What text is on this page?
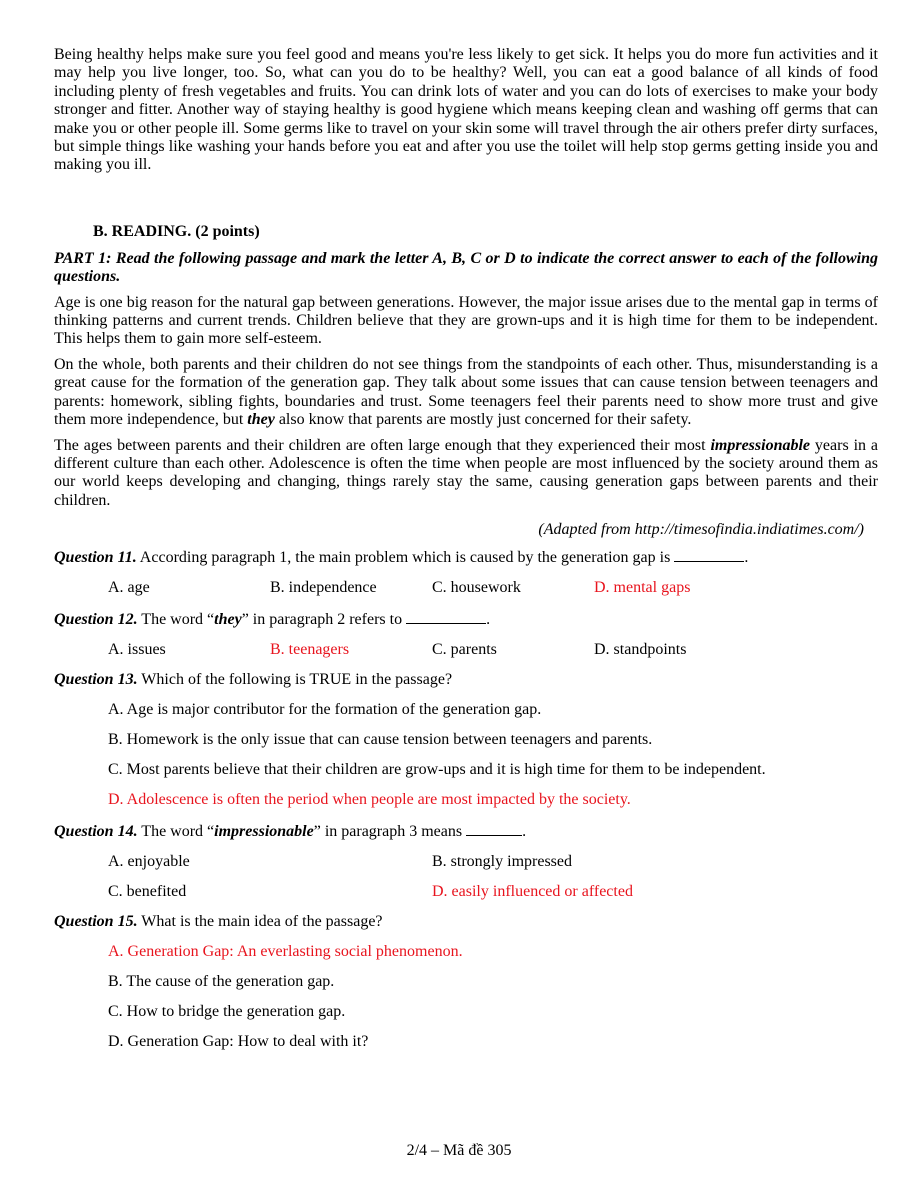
Being healthy helps make sure you feel good and means you're less likely to get sick. It helps you do more fun activities and it may help you live longer, too. So, what can you do to be healthy? Well, you can eat a good balance of all kinds of food including plenty of fresh vegetables and fruits. You can drink lots of water and you can do lots of exercises to make your body stronger and fitter. Another way of staying healthy is good hygiene which means keeping clean and washing off germs that can make you or other people ill. Some germs like to travel on your skin some will travel through the air others prefer dirty surfaces, but simple things like washing your hands before you eat and after you use the toilet will help stop germs getting inside you and making you ill.

B. READING. (2 points)

PART 1: Read the following passage and mark the letter A, B, C or D to indicate the correct answer to each of the following questions.

Age is one big reason for the natural gap between generations. However, the major issue arises due to the mental gap in terms of thinking patterns and current trends. Children believe that they are grown-ups and it is high time for them to be independent. This helps them to gain more self-esteem.

On the whole, both parents and their children do not see things from the standpoints of each other. Thus, misunderstanding is a great cause for the formation of the generation gap. They talk about some issues that can cause tension between teenagers and parents: homework, sibling fights, boundaries and trust. Some teenagers feel their parents need to show more trust and give them more independence, but they also know that parents are mostly just concerned for their safety.

The ages between parents and their children are often large enough that they experienced their most impressionable years in a different culture than each other. Adolescence is often the time when people are most influenced by the society around them as our world keeps developing and changing, things rarely stay the same, causing generation gaps between parents and their children.

(Adapted from http://timesofindia.indiatimes.com/)

Question 11. According paragraph 1, the main problem which is caused by the generation gap is	.

A. age	B. independence	C. housework	D. mental gaps

Question 12. The word “they” in paragraph 2 refers to	.

A. issues	B. teenagers	C. parents	D. standpoints

Question 13. Which of the following is TRUE in the passage?

A. Age is major contributor for the formation of the generation gap.

B. Homework is the only issue that can cause tension between teenagers and parents.

C. Most parents believe that their children are grow-ups and it is high time for them to be independent.

D. Adolescence is often the period when people are most impacted by the society.

Question 14. The word “impressionable” in paragraph 3 means	.

A. enjoyable	B. strongly impressed
C. benefited	D. easily influenced or affected

Question 15. What is the main idea of the passage?

A. Generation Gap: An everlasting social phenomenon.

B. The cause of the generation gap.

C. How to bridge the generation gap.

D. Generation Gap: How to deal with it?

2/4 – Mã đề 305
